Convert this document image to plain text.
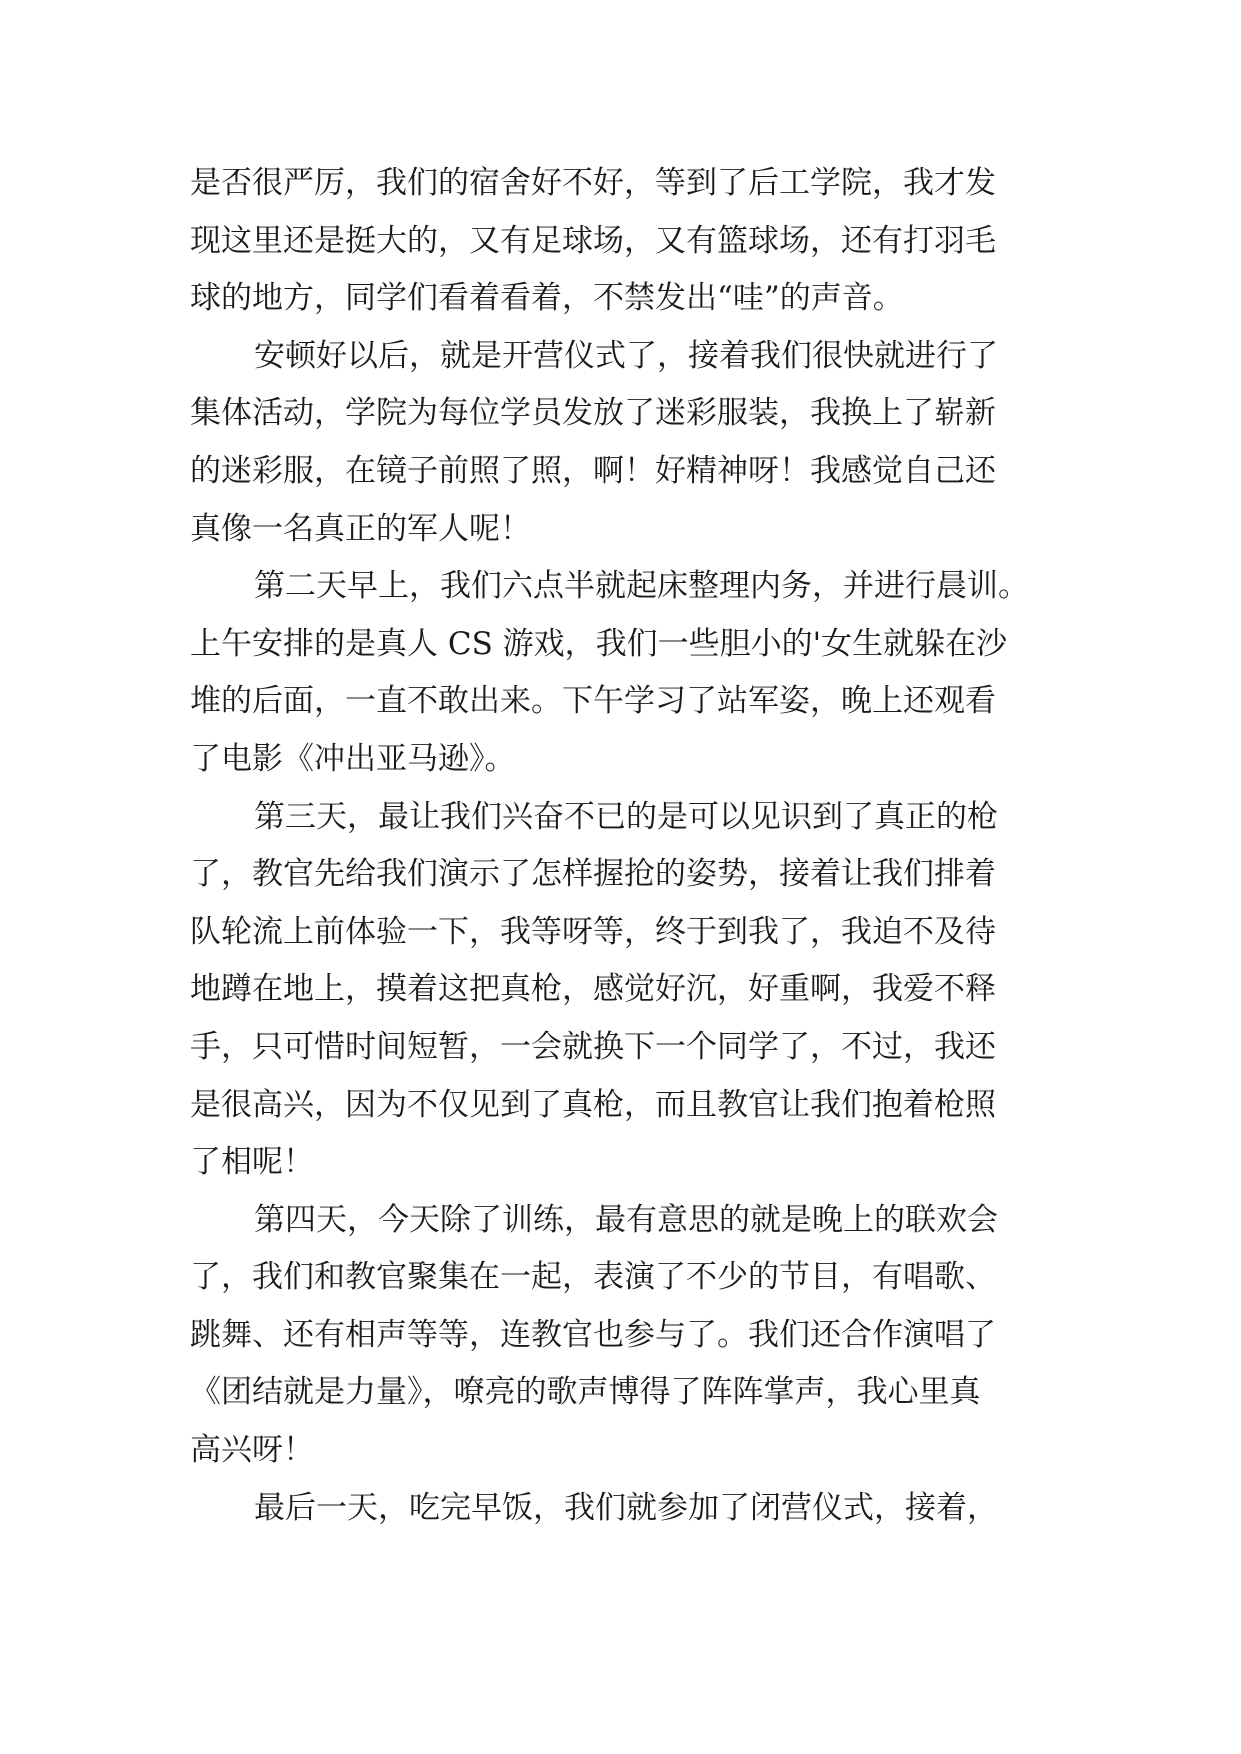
是否很严厉，我们的宿舍好不好，等到了后工学院，我才发
现这里还是挺大的，又有足球场，又有篮球场，还有打羽毛
球的地方，同学们看着看着，不禁发出“哇”的声音。
安顿好以后，就是开营仪式了，接着我们很快就进行了
集体活动，学院为每位学员发放了迷彩服装，我换上了崭新
的迷彩服，在镜子前照了照，啊！好精神呀！我感觉自己还
真像一名真正的军人呢！
第二天早上，我们六点半就起床整理内务，并进行晨训。
上午安排的是真人 CS 游戏，我们一些胆小的'女生就躲在沙
堆的后面，一直不敢出来。下午学习了站军姿，晚上还观看
了电影《冲出亚马逊》。
第三天，最让我们兴奋不已的是可以见识到了真正的枪
了，教官先给我们演示了怎样握抢的姿势，接着让我们排着
队轮流上前体验一下，我等呀等，终于到我了，我迫不及待
地蹲在地上，摸着这把真枪，感觉好沉，好重啊，我爱不释
手，只可惜时间短暂，一会就换下一个同学了，不过，我还
是很高兴，因为不仅见到了真枪，而且教官让我们抱着枪照
了相呢！
第四天，今天除了训练，最有意思的就是晚上的联欢会
了，我们和教官聚集在一起，表演了不少的节目，有唱歌、
跳舞、还有相声等等，连教官也参与了。我们还合作演唱了
《团结就是力量》，嘹亮的歌声博得了阵阵掌声，我心里真
高兴呀！
最后一天，吃完早饭，我们就参加了闭营仪式，接着，
